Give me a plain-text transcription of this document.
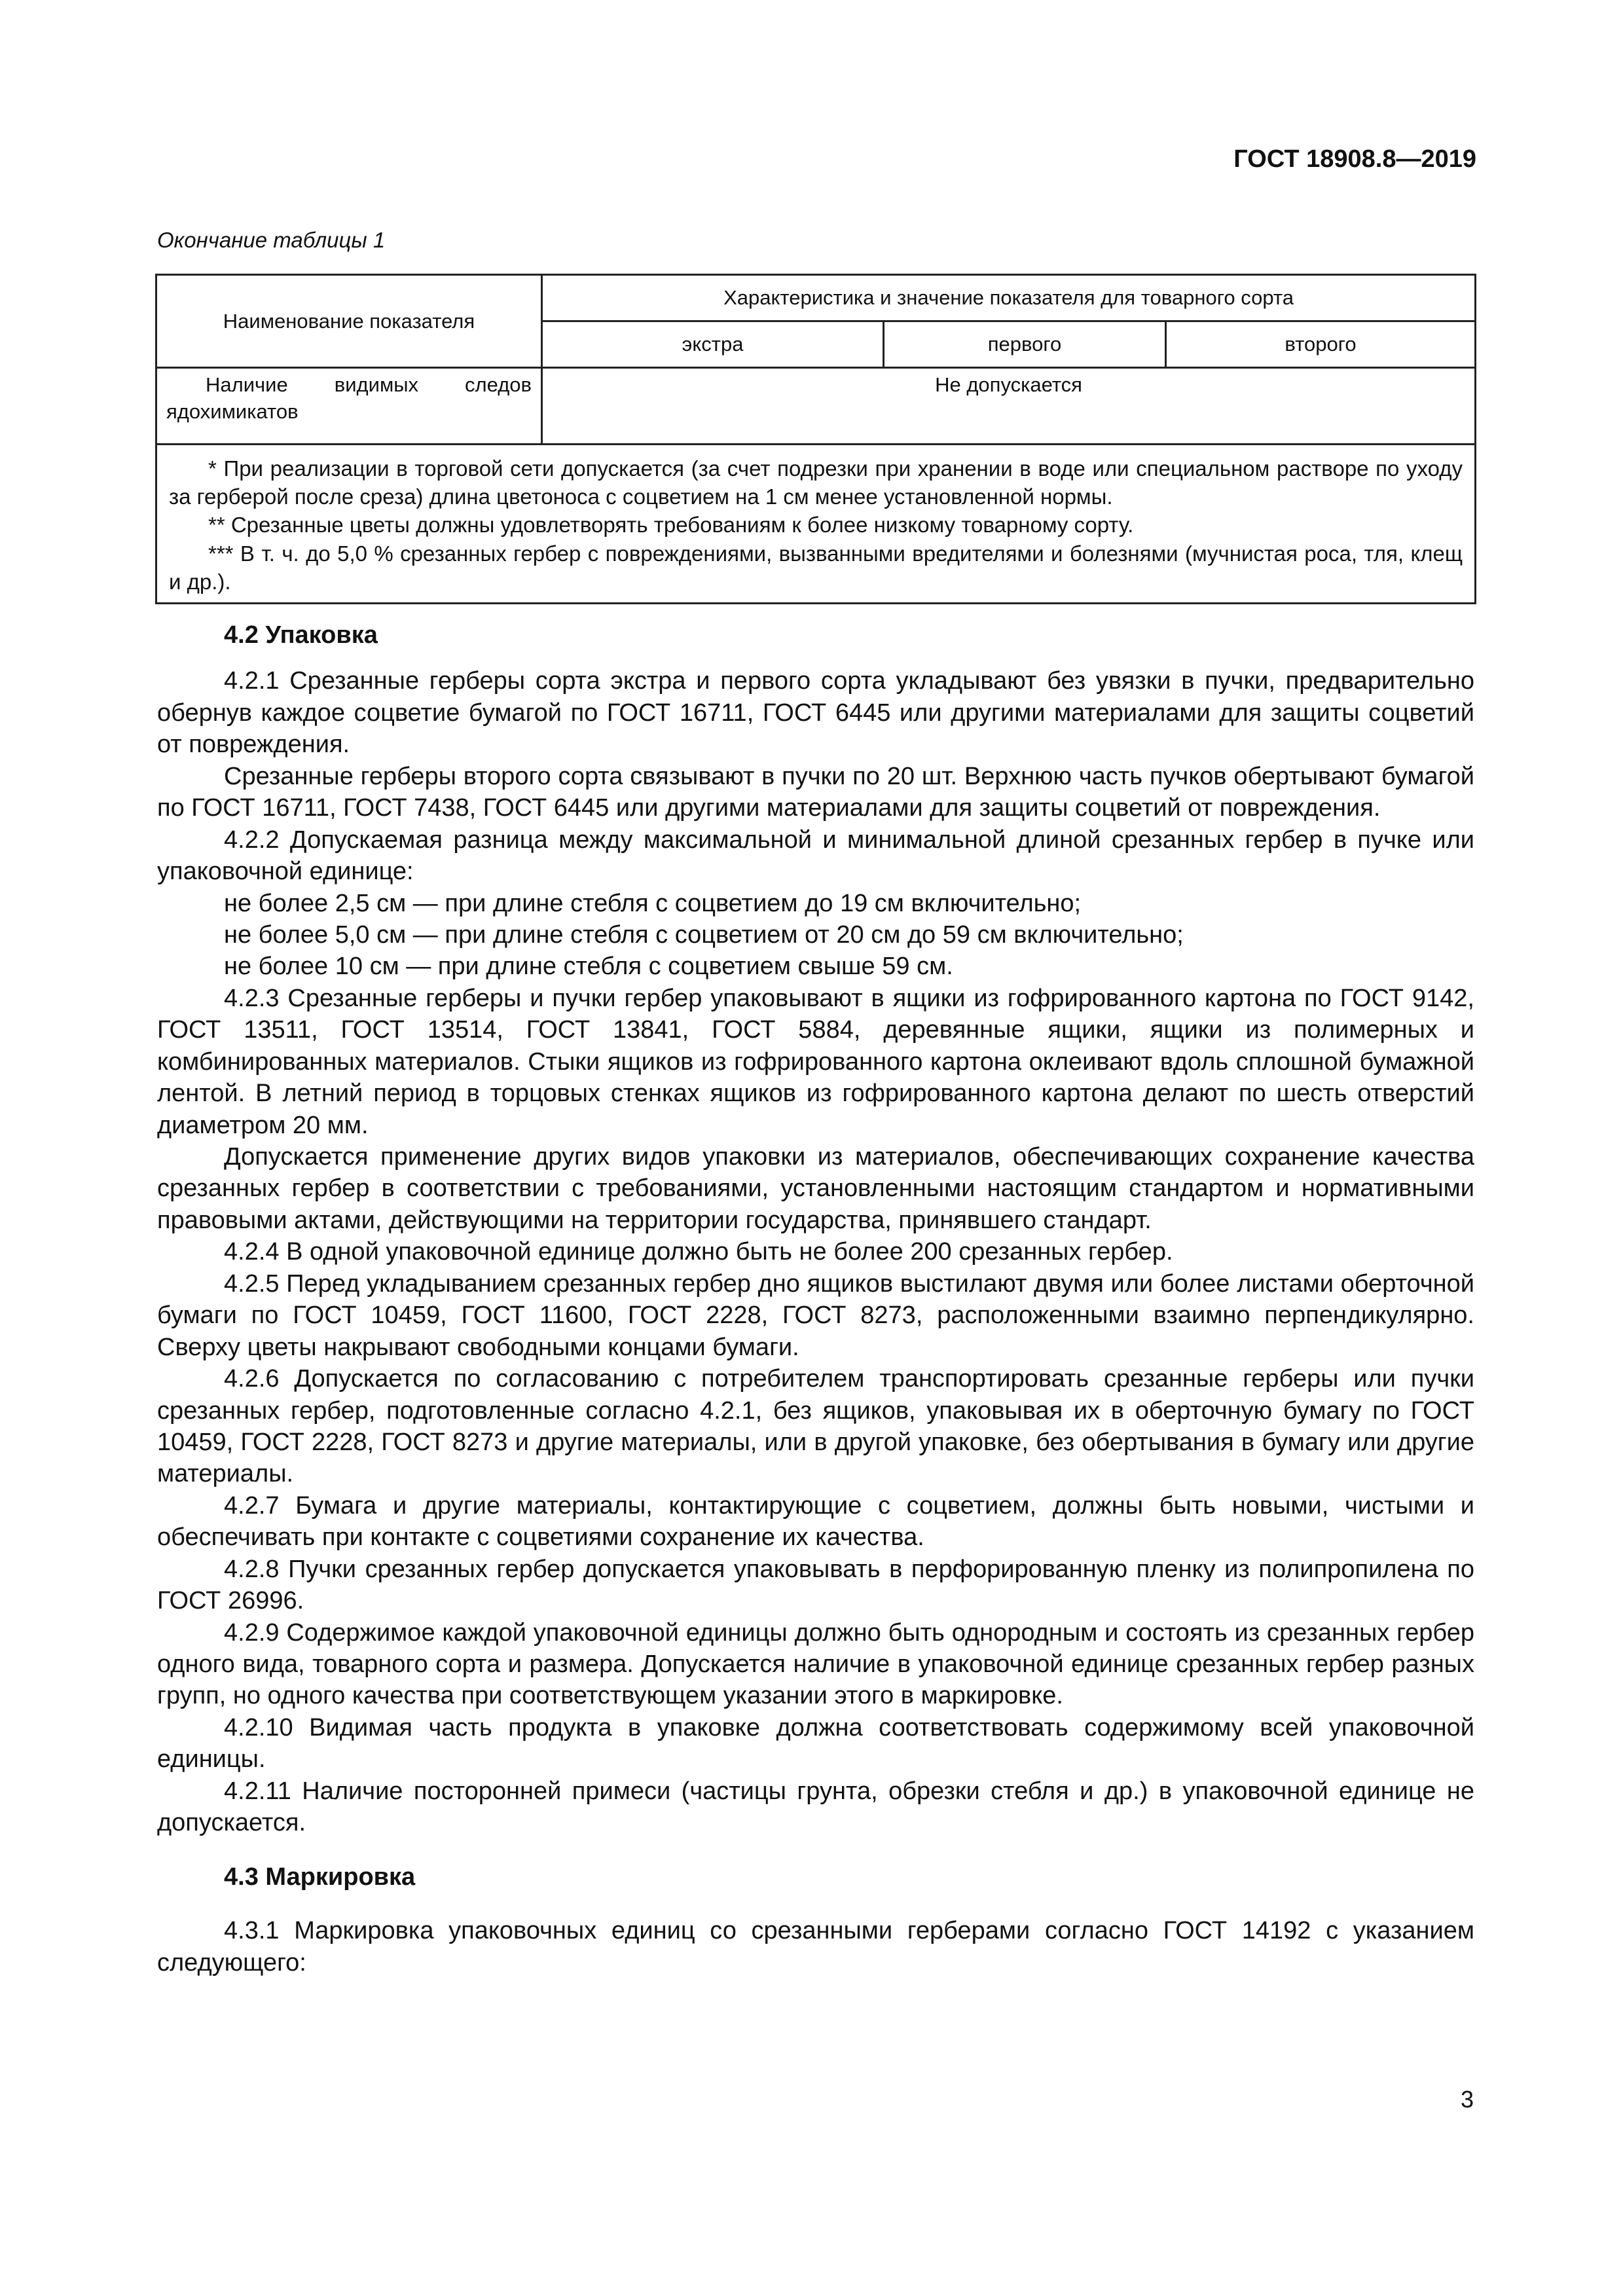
ГОСТ 18908.8—2019
Окончание таблицы 1
Наименование показателя	Характеристика и значение показателя для товарного сорта		
	экстра	первого	второго

Наличие видимых следов ядохимикатов	Не допускается		

* При реализации в торговой сети допускается (за счет подрезки при хранении в воде или специальном растворе по уходу за герберой после среза) длина цветоноса с соцветием на 1 см менее установленной нормы.

** Срезанные цветы должны удовлетворять требованиям к более низкому товарному сорту.

*** В т. ч. до 5,0 % срезанных гербер с повреждениями, вызванными вредителями и болезнями (мучнистая роса, тля, клещ и др.).			

4.2 Упаковка

4.2.1 Срезанные герберы сорта экстра и первого сорта укладывают без увязки в пучки, предварительно обернув каждое соцветие бумагой по ГОСТ 16711, ГОСТ 6445 или другими материалами для защиты соцветий от повреждения.

Срезанные герберы второго сорта связывают в пучки по 20 шт. Верхнюю часть пучков обертывают бумагой по ГОСТ 16711, ГОСТ 7438, ГОСТ 6445 или другими материалами для защиты соцветий от повреждения.

4.2.2 Допускаемая разница между максимальной и минимальной длиной срезанных гербер в пучке или упаковочной единице:

не более 2,5 см — при длине стебля с соцветием до 19 см включительно;

не более 5,0 см — при длине стебля с соцветием от 20 см до 59 см включительно;

не более 10 см — при длине стебля с соцветием свыше 59 см.

4.2.3 Срезанные герберы и пучки гербер упаковывают в ящики из гофрированного картона по ГОСТ 9142, ГОСТ 13511, ГОСТ 13514, ГОСТ 13841, ГОСТ 5884, деревянные ящики, ящики из полимерных и комбинированных материалов. Стыки ящиков из гофрированного картона оклеивают вдоль сплошной бумажной лентой. В летний период в торцовых стенках ящиков из гофрированного картона делают по шесть отверстий диаметром 20 мм.

Допускается применение других видов упаковки из материалов, обеспечивающих сохранение качества срезанных гербер в соответствии с требованиями, установленными настоящим стандартом и нормативными правовыми актами, действующими на территории государства, принявшего стандарт.

4.2.4 В одной упаковочной единице должно быть не более 200 срезанных гербер.

4.2.5 Перед укладыванием срезанных гербер дно ящиков выстилают двумя или более листами оберточной бумаги по ГОСТ 10459, ГОСТ 11600, ГОСТ 2228, ГОСТ 8273, расположенными взаимно перпендикулярно. Сверху цветы накрывают свободными концами бумаги.

4.2.6 Допускается по согласованию с потребителем транспортировать срезанные герберы или пучки срезанных гербер, подготовленные согласно 4.2.1, без ящиков, упаковывая их в оберточную бумагу по ГОСТ 10459, ГОСТ 2228, ГОСТ 8273 и другие материалы, или в другой упаковке, без обертывания в бумагу или другие материалы.

4.2.7 Бумага и другие материалы, контактирующие с соцветием, должны быть новыми, чистыми и обеспечивать при контакте с соцветиями сохранение их качества.

4.2.8 Пучки срезанных гербер допускается упаковывать в перфорированную пленку из полипропилена по ГОСТ 26996.

4.2.9 Содержимое каждой упаковочной единицы должно быть однородным и состоять из срезанных гербер одного вида, товарного сорта и размера. Допускается наличие в упаковочной единице срезанных гербер разных групп, но одного качества при соответствующем указании этого в маркировке.

4.2.10 Видимая часть продукта в упаковке должна соответствовать содержимому всей упаковочной единицы.

4.2.11 Наличие посторонней примеси (частицы грунта, обрезки стебля и др.) в упаковочной единице не допускается.

4.3 Маркировка

4.3.1 Маркировка упаковочных единиц со срезанными герберами согласно ГОСТ 14192 с указанием следующего:

3
